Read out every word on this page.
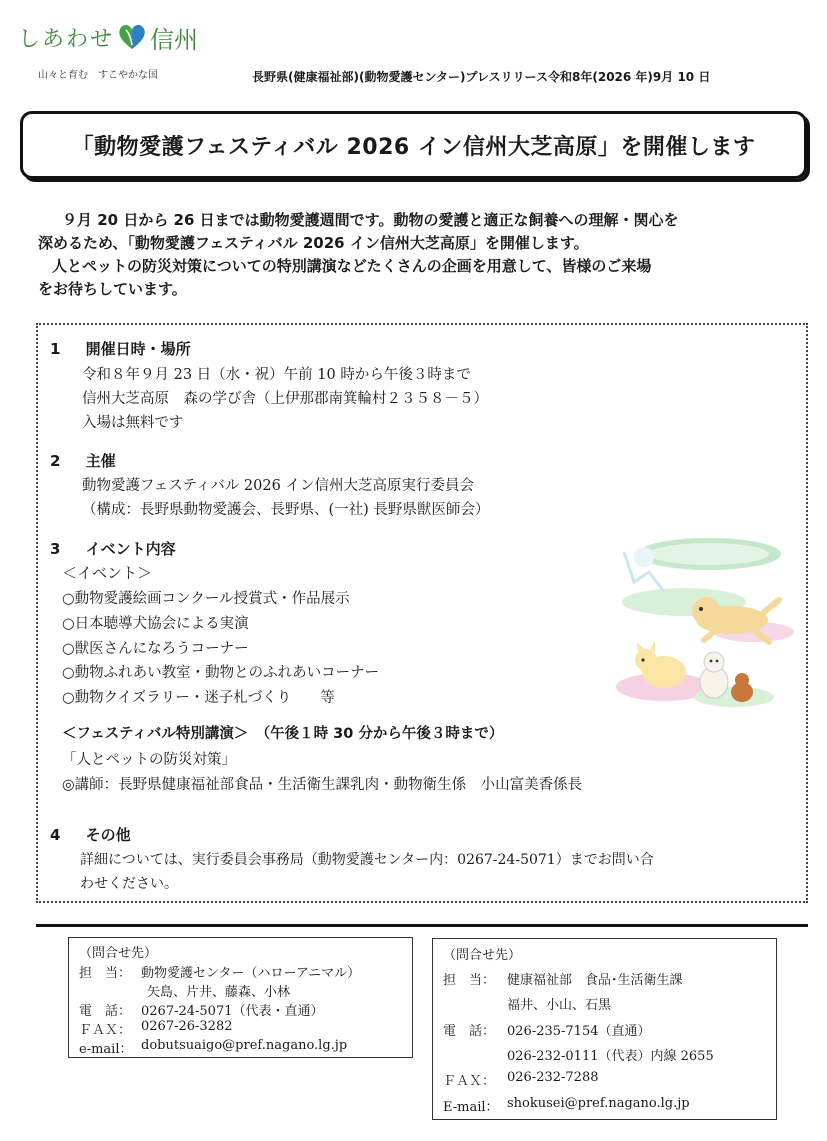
しあわせ 信州
山々と育む　すこやかな国	長野県(健康福祉部)(動物愛護センター)プレスリリース令和8年(2026 年)9月 10 日
「動物愛護フェスティバル 2026 イン信州大芝高原」を開催します

９月 20 日から 26 日までは動物愛護週間です。動物の愛護と適正な飼養への理解・関心を

深めるため、「動物愛護フェスティバル 2026 イン信州大芝高原」を開催します。

人とペットの防災対策についての特別講演などたくさんの企画を用意して、皆様のご来場

をお待ちしています。

1 開催日時・場所
令和８年９月 23 日（水・祝）午前 10 時から午後３時まで
信州大芝高原　森の学び舎（上伊那郡南箕輪村２３５８－５）
入場は無料です
2 主催
動物愛護フェスティバル 2026 イン信州大芝高原実行委員会
（構成：長野県動物愛護会、長野県、(一社) 長野県獣医師会）
3 イベント内容
＜イベント＞
○動物愛護絵画コンクール授賞式・作品展示
○日本聴導犬協会による実演
○獣医さんになろうコーナー
○動物ふれあい教室・動物とのふれあいコーナー
○動物クイズラリー・迷子札づくり　　等
＜フェスティバル特別講演＞　（午後１時 30 分から午後３時まで）
「人とペットの防災対策」
◎講師：長野県健康福祉部食品・生活衛生課乳肉・動物衛生係　小山富美香係長
4 その他
詳細については、実行委員会事務局（動物愛護センター内：0267-24-5071）までお問い合
わせください。
（問合せ先）
担　当： 動物愛護センター（ハローアニマル）
矢島、片井、藤森、小林
電　話： 0267-24-5071（代表・直通）
ＦＡＸ： 0267-26-3282
e-mail： dobutsuaigo@pref.nagano.lg.jp
（問合せ先）
担　当： 健康福祉部　食品･生活衛生課
福井、小山、石黒
電　話： 026-235-7154（直通）
026-232-0111（代表）内線 2655
ＦＡＸ： 026-232-7288
E-mail： shokusei@pref.nagano.lg.jp
